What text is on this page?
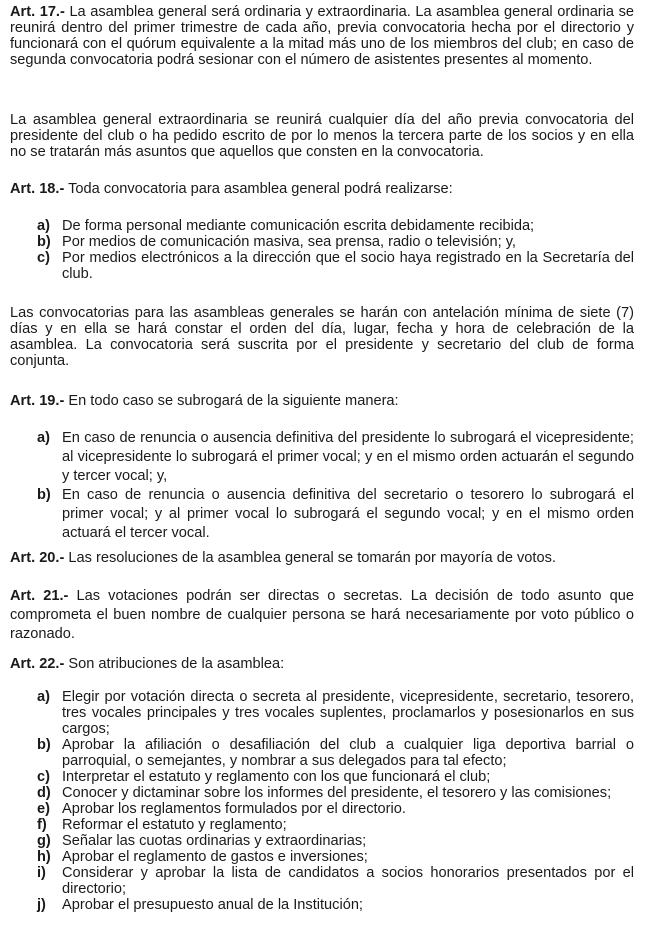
Art. 17.- La asamblea general será ordinaria y extraordinaria. La asamblea general ordinaria se reunirá dentro del primer trimestre de cada año, previa convocatoria hecha por el directorio y funcionará con el quórum equivalente a la mitad más uno de los miembros del club; en caso de segunda convocatoria podrá sesionar con el número de asistentes presentes al momento.

La asamblea general extraordinaria se reunirá cualquier día del año previa convocatoria del presidente del club o ha pedido escrito de por lo menos la tercera parte de los socios y en ella no se tratarán más asuntos que aquellos que consten en la convocatoria.

Art. 18.- Toda convocatoria para asamblea general podrá realizarse:

a) De forma personal mediante comunicación escrita debidamente recibida;
b) Por medios de comunicación masiva, sea prensa, radio o televisión; y,
c) Por medios electrónicos a la dirección que el socio haya registrado en la Secretaría del club.

Las convocatorias para las asambleas generales se harán con antelación mínima de siete (7) días y en ella se hará constar el orden del día, lugar, fecha y hora de celebración de la asamblea. La convocatoria será suscrita por el presidente y secretario del club de forma conjunta.

Art. 19.- En todo caso se subrogará de la siguiente manera:

a) En caso de renuncia o ausencia definitiva del presidente lo subrogará el vicepresidente; al vicepresidente lo subrogará el primer vocal; y en el mismo orden actuarán el segundo y tercer vocal; y,
b) En caso de renuncia o ausencia definitiva del secretario o tesorero lo subrogará el primer vocal; y al primer vocal lo subrogará el segundo vocal; y en el mismo orden actuará el tercer vocal.

Art. 20.- Las resoluciones de la asamblea general se tomarán por mayoría de votos.

Art. 21.- Las votaciones podrán ser directas o secretas. La decisión de todo asunto que comprometa el buen nombre de cualquier persona se hará necesariamente por voto público o razonado.

Art. 22.- Son atribuciones de la asamblea:

a) Elegir por votación directa o secreta al presidente, vicepresidente, secretario, tesorero, tres vocales principales y tres vocales suplentes, proclamarlos y posesionarlos en sus cargos;
b) Aprobar la afiliación o desafiliación del club a cualquier liga deportiva barrial o parroquial, o semejantes, y nombrar a sus delegados para tal efecto;
c) Interpretar el estatuto y reglamento con los que funcionará el club;
d) Conocer y dictaminar sobre los informes del presidente, el tesorero y las comisiones;
e) Aprobar los reglamentos formulados por el directorio.
f) Reformar el estatuto y reglamento;
g) Señalar las cuotas ordinarias y extraordinarias;
h) Aprobar el reglamento de gastos e inversiones;
i) Considerar y aprobar la lista de candidatos a socios honorarios presentados por el directorio;
j) Aprobar el presupuesto anual de la Institución;
